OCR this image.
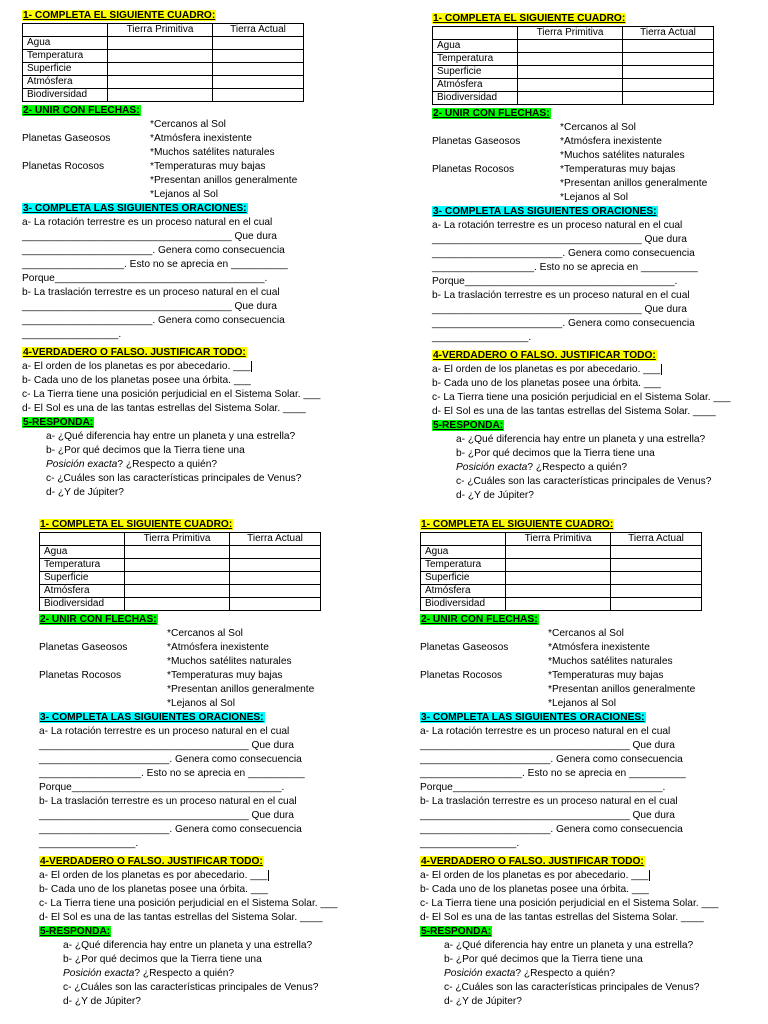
1- COMPLETA EL SIGUIENTE CUADRO:
	Tierra Primitiva	Tierra Actual
Agua		
Temperatura		
Superficie		
Atmósfera		
Biodiversidad		
2- UNIR CON FLECHAS:
*Cercanos al Sol
Planetas Gaseosos	*Atmósfera inexistente
*Muchos satélites naturales
Planetas Rocosos	*Temperaturas muy bajas
*Presentan anillos generalmente
*Lejanos al Sol
3- COMPLETA LAS SIGUIENTES ORACIONES:
a- La rotación terrestre es un proceso natural en el cual
_____________________________________ Que dura
_______________________. Genera como consecuencia
__________________. Esto no se aprecia en __________
Porque_____________________________________.
b- La traslación terrestre es un proceso natural en el cual
_____________________________________ Que dura
_______________________. Genera como consecuencia
_________________.
4-VERDADERO O FALSO. JUSTIFICAR TODO:
a- El orden de los planetas es por abecedario. ___
b- Cada uno de los planetas posee una órbita. ___
c- La Tierra tiene una posición perjudicial en el Sistema Solar. ___
d- El Sol es una de las tantas estrellas del Sistema Solar. ____
5-RESPONDA:
a- ¿Qué diferencia hay entre un planeta y una estrella?
b- ¿Por qué decimos que la Tierra tiene una
Posición exacta? ¿Respecto a quién?
c- ¿Cuáles son las características principales de Venus?
d- ¿Y de Júpiter?
1- COMPLETA EL SIGUIENTE CUADRO:
	Tierra Primitiva	Tierra Actual
Agua		
Temperatura		
Superficie		
Atmósfera		
Biodiversidad		
2- UNIR CON FLECHAS:
*Cercanos al Sol
Planetas Gaseosos	*Atmósfera inexistente
*Muchos satélites naturales
Planetas Rocosos	*Temperaturas muy bajas
*Presentan anillos generalmente
*Lejanos al Sol
3- COMPLETA LAS SIGUIENTES ORACIONES:
a- La rotación terrestre es un proceso natural en el cual
_____________________________________ Que dura
_______________________. Genera como consecuencia
__________________. Esto no se aprecia en __________
Porque_____________________________________.
b- La traslación terrestre es un proceso natural en el cual
_____________________________________ Que dura
_______________________. Genera como consecuencia
_________________.
4-VERDADERO O FALSO. JUSTIFICAR TODO:
a- El orden de los planetas es por abecedario. ___
b- Cada uno de los planetas posee una órbita. ___
c- La Tierra tiene una posición perjudicial en el Sistema Solar. ___
d- El Sol es una de las tantas estrellas del Sistema Solar. ____
5-RESPONDA:
a- ¿Qué diferencia hay entre un planeta y una estrella?
b- ¿Por qué decimos que la Tierra tiene una
Posición exacta? ¿Respecto a quién?
c- ¿Cuáles son las características principales de Venus?
d- ¿Y de Júpiter?
1- COMPLETA EL SIGUIENTE CUADRO:
	Tierra Primitiva	Tierra Actual
Agua		
Temperatura		
Superficie		
Atmósfera		
Biodiversidad		
2- UNIR CON FLECHAS:
*Cercanos al Sol
Planetas Gaseosos	*Atmósfera inexistente
*Muchos satélites naturales
Planetas Rocosos	*Temperaturas muy bajas
*Presentan anillos generalmente
*Lejanos al Sol
3- COMPLETA LAS SIGUIENTES ORACIONES:
a- La rotación terrestre es un proceso natural en el cual
_____________________________________ Que dura
_______________________. Genera como consecuencia
__________________. Esto no se aprecia en __________
Porque_____________________________________.
b- La traslación terrestre es un proceso natural en el cual
_____________________________________ Que dura
_______________________. Genera como consecuencia
_________________.
4-VERDADERO O FALSO. JUSTIFICAR TODO:
a- El orden de los planetas es por abecedario. ___
b- Cada uno de los planetas posee una órbita. ___
c- La Tierra tiene una posición perjudicial en el Sistema Solar. ___
d- El Sol es una de las tantas estrellas del Sistema Solar. ____
5-RESPONDA:
a- ¿Qué diferencia hay entre un planeta y una estrella?
b- ¿Por qué decimos que la Tierra tiene una
Posición exacta? ¿Respecto a quién?
c- ¿Cuáles son las características principales de Venus?
d- ¿Y de Júpiter?
1- COMPLETA EL SIGUIENTE CUADRO:
	Tierra Primitiva	Tierra Actual
Agua		
Temperatura		
Superficie		
Atmósfera		
Biodiversidad		
2- UNIR CON FLECHAS:
*Cercanos al Sol
Planetas Gaseosos	*Atmósfera inexistente
*Muchos satélites naturales
Planetas Rocosos	*Temperaturas muy bajas
*Presentan anillos generalmente
*Lejanos al Sol
3- COMPLETA LAS SIGUIENTES ORACIONES:
a- La rotación terrestre es un proceso natural en el cual
_____________________________________ Que dura
_______________________. Genera como consecuencia
__________________. Esto no se aprecia en __________
Porque_____________________________________.
b- La traslación terrestre es un proceso natural en el cual
_____________________________________ Que dura
_______________________. Genera como consecuencia
_________________.
4-VERDADERO O FALSO. JUSTIFICAR TODO:
a- El orden de los planetas es por abecedario. ___
b- Cada uno de los planetas posee una órbita. ___
c- La Tierra tiene una posición perjudicial en el Sistema Solar. ___
d- El Sol es una de las tantas estrellas del Sistema Solar. ____
5-RESPONDA:
a- ¿Qué diferencia hay entre un planeta y una estrella?
b- ¿Por qué decimos que la Tierra tiene una
Posición exacta? ¿Respecto a quién?
c- ¿Cuáles son las características principales de Venus?
d- ¿Y de Júpiter?
